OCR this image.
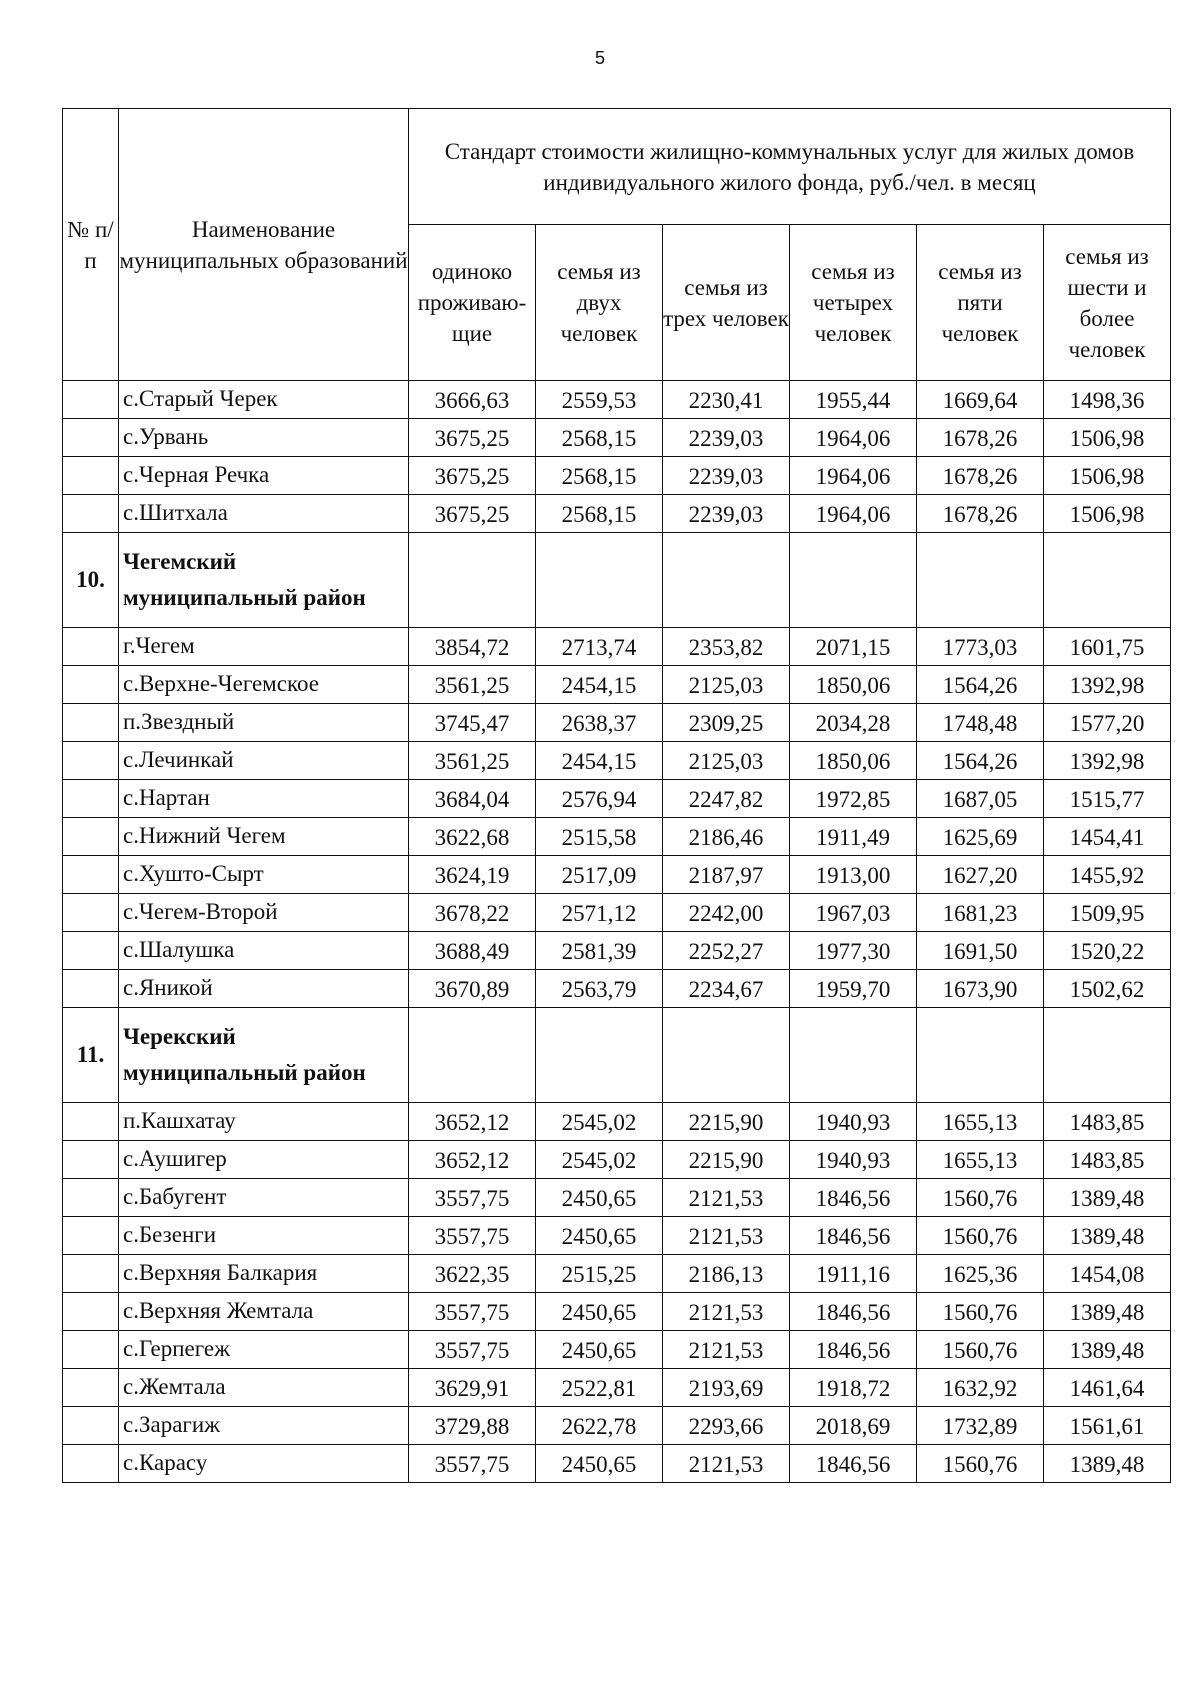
5
№ п/п	Наименование муниципальных образований	Стандарт стоимости жилищно-коммунальных услуг для жилых домов индивидуального жилого фонда, руб./чел. в месяц					
		одиноко проживаю-щие	семья из двух человек	семья из трех человек	семья из четырех человек	семья из пяти человек	семья из шести и более человек
	с.Старый Черек	3666,63	2559,53	2230,41	1955,44	1669,64	1498,36
	с.Урвань	3675,25	2568,15	2239,03	1964,06	1678,26	1506,98
	с.Черная Речка	3675,25	2568,15	2239,03	1964,06	1678,26	1506,98
	с.Шитхала	3675,25	2568,15	2239,03	1964,06	1678,26	1506,98
10.	Чегемский муниципальный район						
	г.Чегем	3854,72	2713,74	2353,82	2071,15	1773,03	1601,75
	с.Верхне-Чегемское	3561,25	2454,15	2125,03	1850,06	1564,26	1392,98
	п.Звездный	3745,47	2638,37	2309,25	2034,28	1748,48	1577,20
	с.Лечинкай	3561,25	2454,15	2125,03	1850,06	1564,26	1392,98
	с.Нартан	3684,04	2576,94	2247,82	1972,85	1687,05	1515,77
	с.Нижний Чегем	3622,68	2515,58	2186,46	1911,49	1625,69	1454,41
	с.Хушто-Сырт	3624,19	2517,09	2187,97	1913,00	1627,20	1455,92
	с.Чегем-Второй	3678,22	2571,12	2242,00	1967,03	1681,23	1509,95
	с.Шалушка	3688,49	2581,39	2252,27	1977,30	1691,50	1520,22
	с.Яникой	3670,89	2563,79	2234,67	1959,70	1673,90	1502,62
11.	Черекский муниципальный район						
	п.Кашхатау	3652,12	2545,02	2215,90	1940,93	1655,13	1483,85
	с.Аушигер	3652,12	2545,02	2215,90	1940,93	1655,13	1483,85
	с.Бабугент	3557,75	2450,65	2121,53	1846,56	1560,76	1389,48
	с.Безенги	3557,75	2450,65	2121,53	1846,56	1560,76	1389,48
	с.Верхняя Балкария	3622,35	2515,25	2186,13	1911,16	1625,36	1454,08
	с.Верхняя Жемтала	3557,75	2450,65	2121,53	1846,56	1560,76	1389,48
	с.Герпегеж	3557,75	2450,65	2121,53	1846,56	1560,76	1389,48
	с.Жемтала	3629,91	2522,81	2193,69	1918,72	1632,92	1461,64
	с.Зарагиж	3729,88	2622,78	2293,66	2018,69	1732,89	1561,61
	с.Карасу	3557,75	2450,65	2121,53	1846,56	1560,76	1389,48
